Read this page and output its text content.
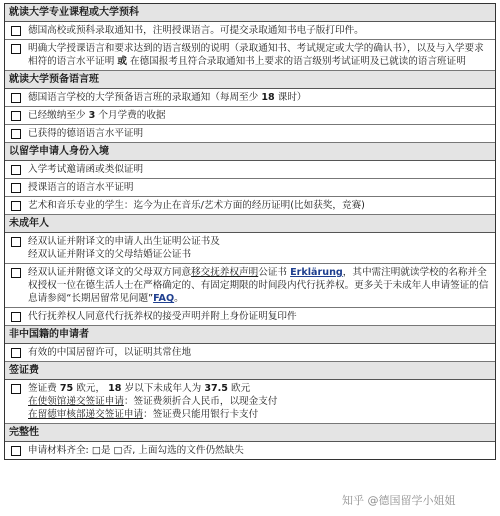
就读大学专业课程或大学预科
德国高校或预科录取通知书，注明授课语言。可提交录取通知书电子版打印件。
明确大学授课语言和要求达到的语言级别的说明（录取通知书、考试规定或大学的确认书），以及与入学要求相符的语言水平证明 或 在德国报考且符合录取通知书上要求的语言级别考试证明及已就读的语言班证明
就读大学预备语言班
德国语言学校的大学预备语言班的录取通知（每周至少 18 课时）
已经缴纳至少 3 个月学费的收据
已获得的德语语言水平证明
以留学申请人身份入境
入学考试邀请函或类似证明
授课语言的语言水平证明
艺术和音乐专业的学生：迄今为止在音乐/艺术方面的经历证明(比如获奖，竞赛)
未成年人
经双认证并附译文的申请人出生证明公证书及
经双认证并附译文的父母结婚证公证书
经双认证并附德文译文的父母双方同意移交抚养权声明公证书 Erklärung，其中需注明就读学校的名称并全权授权一位在德生活人士在严格确定的、有固定期限的时间段内代行抚养权。更多关于未成年人申请签证的信息请参阅“长期居留常见问题”FAQ。
代行抚养权人同意代行抚养权的接受声明并附上身份证明复印件
非中国籍的申请者
有效的中国居留许可，以证明其常住地
签证费
签证费 75 欧元， 18 岁以下未成年人为 37.5 欧元
在使领馆递交签证申请：签证费须折合人民币，以现金支付
在留德审核部递交签证申请：签证费只能用银行卡支付
完整性
申请材料齐全: □是 □否, 上面勾选的文件仍然缺失
知乎 @德国留学小姐姐
